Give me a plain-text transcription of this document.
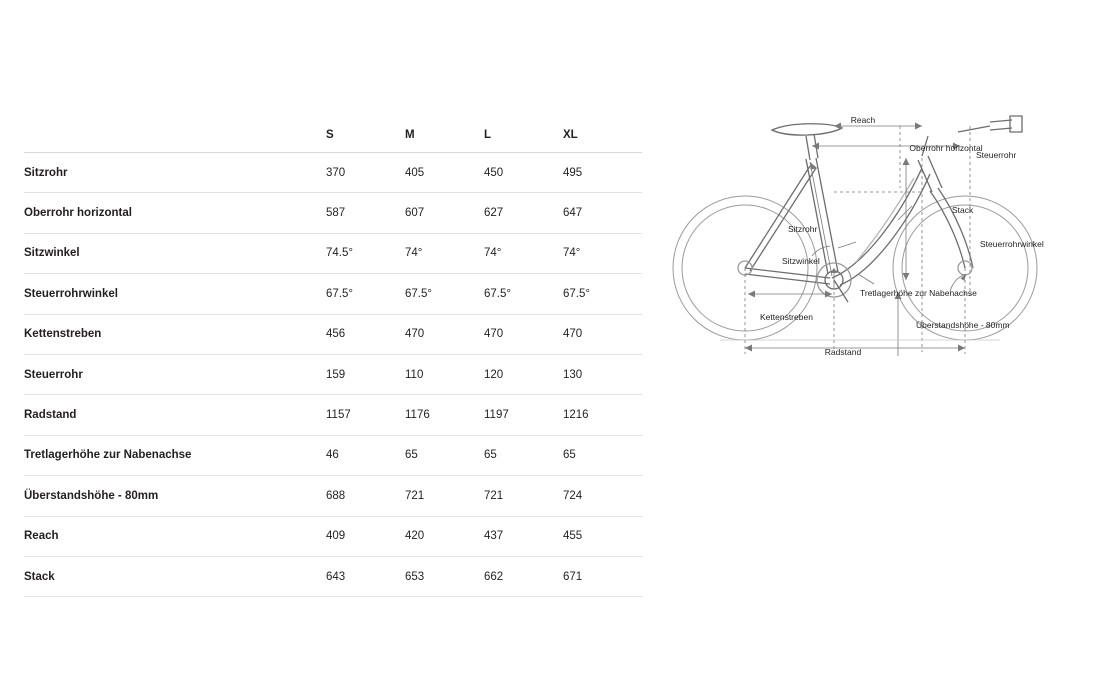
	S	M	L	XL
Sitzrohr	370	405	450	495
Oberrohr horizontal	587	607	627	647
Sitzwinkel	74.5°	74°	74°	74°
Steuerrohrwinkel	67.5°	67.5°	67.5°	67.5°
Kettenstreben	456	470	470	470
Steuerrohr	159	110	120	130
Radstand	1157	1176	1197	1216
Tretlagerhöhe zur Nabenachse	46	65	65	65
Überstandshöhe - 80mm	688	721	721	724
Reach	409	420	437	455
Stack	643	653	662	671
Reach
Oberrohr horizontal
Steuerrohr
Stack
Steuerrohrwinkel
Sitzrohr
Sitzwinkel
Tretlagerhöhe zur Nabenachse
Kettenstreben
Überstandshöhe - 80mm
Radstand
